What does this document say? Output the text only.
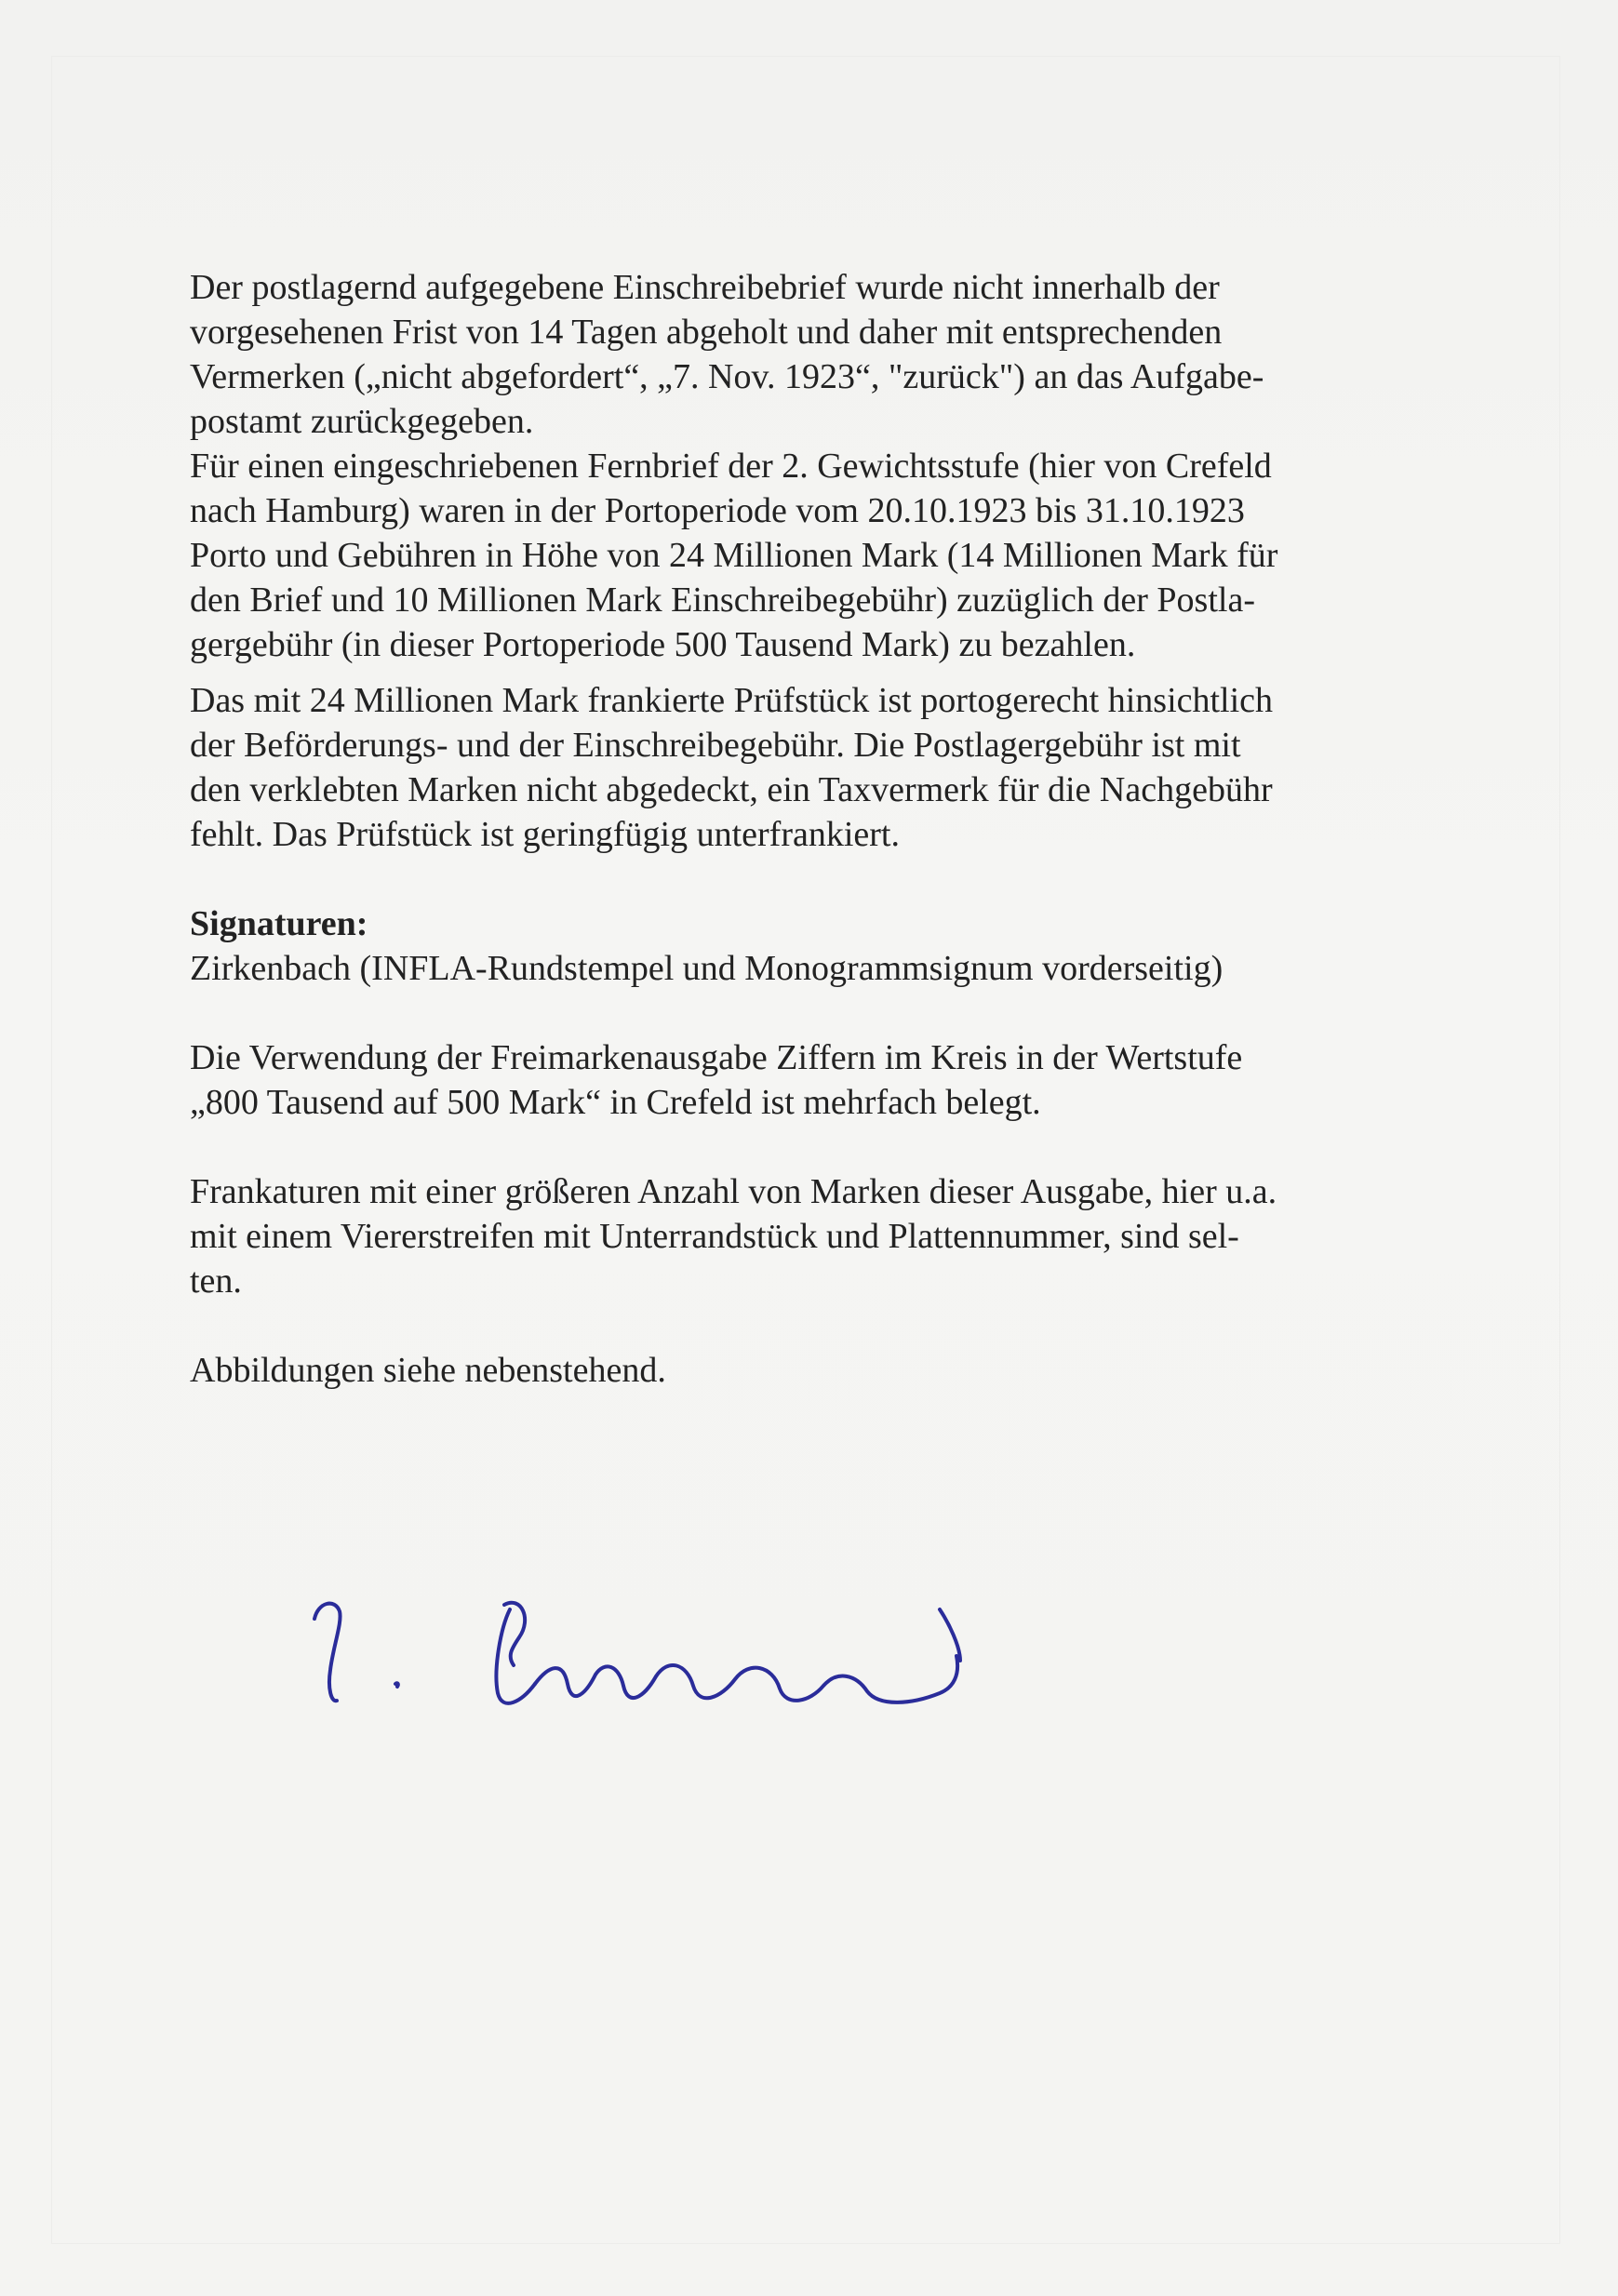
Der postlagernd aufgegebene Einschreibebrief wurde nicht innerhalb der
vorgesehenen Frist von 14 Tagen abgeholt und daher mit entsprechenden
Vermerken („nicht abgefordert“, „7. Nov. 1923“, "zurück") an das Aufgabe-
postamt zurückgegeben.

Für einen eingeschriebenen Fernbrief der 2. Gewichtsstufe (hier von Crefeld
nach Hamburg) waren in der Portoperiode vom 20.10.1923 bis 31.10.1923
Porto und Gebühren in Höhe von 24 Millionen Mark (14 Millionen Mark für
den Brief und 10 Millionen Mark Einschreibegebühr) zuzüglich der Postla-
gergebühr (in dieser Portoperiode 500 Tausend Mark) zu bezahlen.

Das mit 24 Millionen Mark frankierte Prüfstück ist portogerecht hinsichtlich
der Beförderungs- und der Einschreibegebühr. Die Postlagergebühr ist mit
den verklebten Marken nicht abgedeckt, ein Taxvermerk für die Nachgebühr
fehlt. Das Prüfstück ist geringfügig unterfrankiert.

Signaturen:

Zirkenbach (INFLA-Rundstempel und Monogrammsignum vorderseitig)

Die Verwendung der Freimarkenausgabe Ziffern im Kreis in der Wertstufe
„800 Tausend auf 500 Mark“ in Crefeld ist mehrfach belegt.

Frankaturen mit einer größeren Anzahl von Marken dieser Ausgabe, hier u.a.
mit einem Viererstreifen mit Unterrandstück und Plattennummer, sind sel-
ten.

Abbildungen siehe nebenstehend.
